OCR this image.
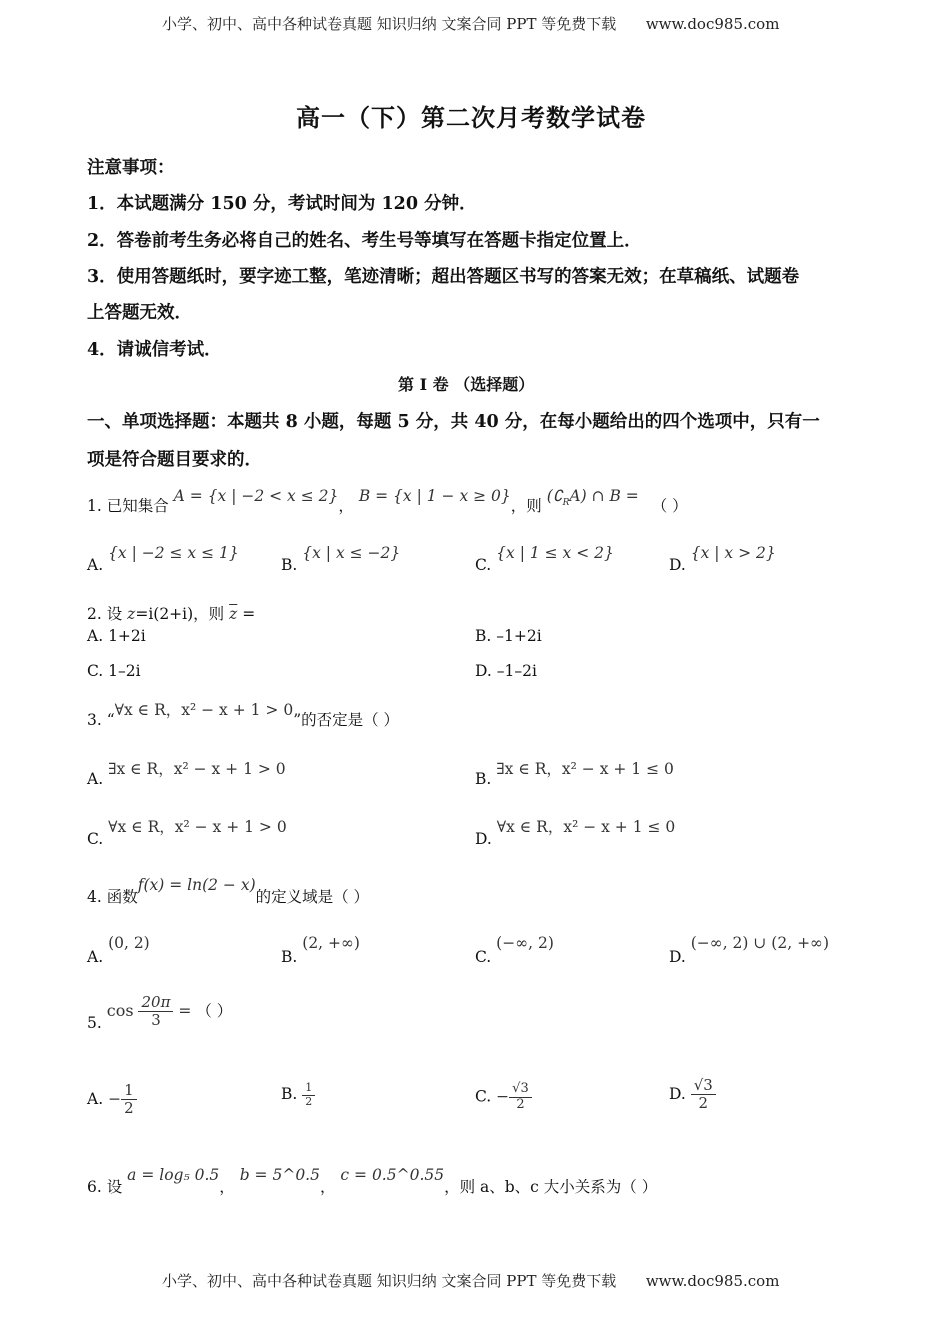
小学、初中、高中各种试卷真题 知识归纳 文案合同 PPT 等免费下载 www.doc985.com
高一（下）第二次月考数学试卷
注意事项：
1．本试题满分 150 分，考试时间为 120 分钟．
2．答卷前考生务必将自己的姓名、考生号等填写在答题卡指定位置上．
3．使用答题纸时，要字迹工整，笔迹清晰；超出答题区书写的答案无效；在草稿纸、试题卷
上答题无效．
4．请诚信考试．
第 I 卷 （选择题）
一、单项选择题：本题共 8 小题，每题 5 分，共 40 分，在每小题给出的四个选项中，只有一
项是符合题目要求的．
1. 已知集合 A = {x | −2 < x ≤ 2}， B = {x | 1 − x ≥ 0}，则 $(∁_RA)$ ∩ B = （ ）
A. {x | −2 ≤ x ≤ 1}
B. {x | x ≤ −2}
C. {x | 1 ≤ x < 2}
D. {x | x > 2}
2. 设 z=i(2+i)，则 $\overline{z}$ =
A. 1+2i	B. –1+2i
C. 1–2i	D. –1–2i
3. “∀x ∈ R，x² − x + 1 > 0”的否定是（ ）
A. ∃x ∈ R，x² − x + 1 > 0
B. ∃x ∈ R，x² − x + 1 ≤ 0
C. ∀x ∈ R，x² − x + 1 > 0
D. ∀x ∈ R，x² − x + 1 ≤ 0
4. 函数f(x) = ln(2 − x)的定义域是（ ）
A. (0, 2)
B. (2, +∞)
C. (−∞, 2)
D. (−∞, 2) ∪ (2, +∞)
5. $\cos \frac{20\pi}{3}$ = （ ）
A. − $\frac{1}{2}$	B. $\frac{1}{2}$	C. − $\frac{√3}{2}$	D. $\frac{√3}{2}$
6. 设 a = log₅ 0.5， b = 5^0.5， c = 0.5^0.55，则 a、b、c 大小关系为（ ）
小学、初中、高中各种试卷真题 知识归纳 文案合同 PPT 等免费下载 www.doc985.com
